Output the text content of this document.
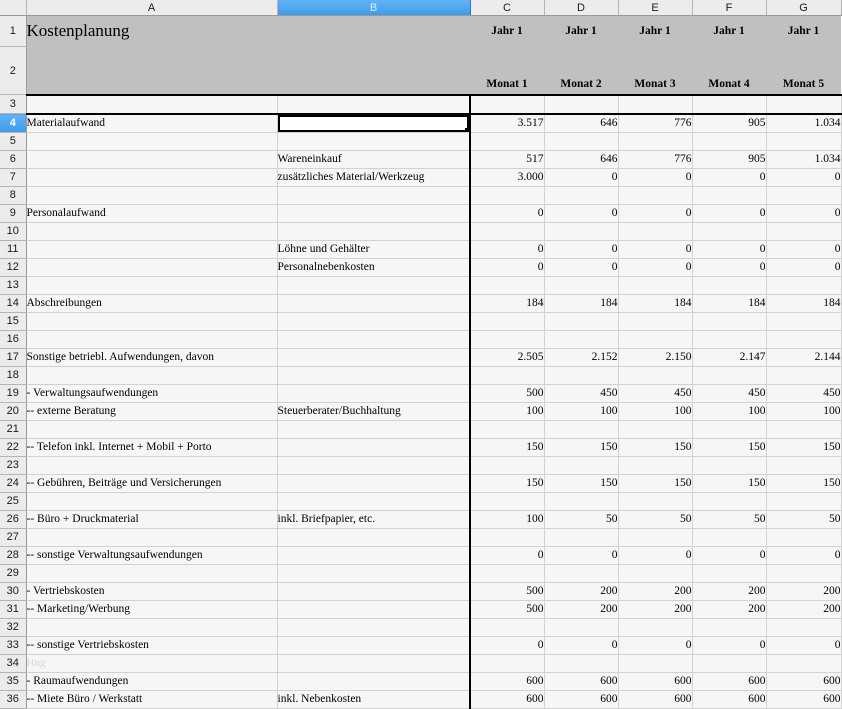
	A	B	C	D	E	F	G
1	Kostenplanung		Jahr 1	Jahr 1	Jahr 1	Jahr 1	Jahr 1
2			Monat 1	Monat 2	Monat 3	Monat 4	Monat 5
3							
4	Materialaufwand		3.517	646	776	905	1.034
5							
6		Wareneinkauf	517	646	776	905	1.034
7		zusätzliches Material/Werkzeug	3.000	0	0	0	0
8							
9	Personalaufwand		0	0	0	0	0
10							
11		Löhne und Gehälter	0	0	0	0	0
12		Personalnebenkosten	0	0	0	0	0
13							
14	Abschreibungen		184	184	184	184	184
15							
16							
17	Sonstige betriebl. Aufwendungen, davon		2.505	2.152	2.150	2.147	2.144
18							
19	- Verwaltungsaufwendungen		500	450	450	450	450
20	-- externe Beratung	Steuerberater/Buchhaltung	100	100	100	100	100
21							
22	-- Telefon inkl. Internet + Mobil + Porto		150	150	150	150	150
23							
24	-- Gebühren, Beiträge und Versicherungen		150	150	150	150	150
25							
26	-- Büro + Druckmaterial	inkl. Briefpapier, etc.	100	50	50	50	50
27							
28	-- sonstige Verwaltungsaufwendungen		0	0	0	0	0
29							
30	- Vertriebskosten		500	200	200	200	200
31	-- Marketing/Werbung		500	200	200	200	200
32							
33	-- sonstige Vertriebskosten		0	0	0	0	0
34	Hng						
35	- Raumaufwendungen		600	600	600	600	600
36	-- Miete Büro / Werkstatt	inkl. Nebenkosten	600	600	600	600	600
